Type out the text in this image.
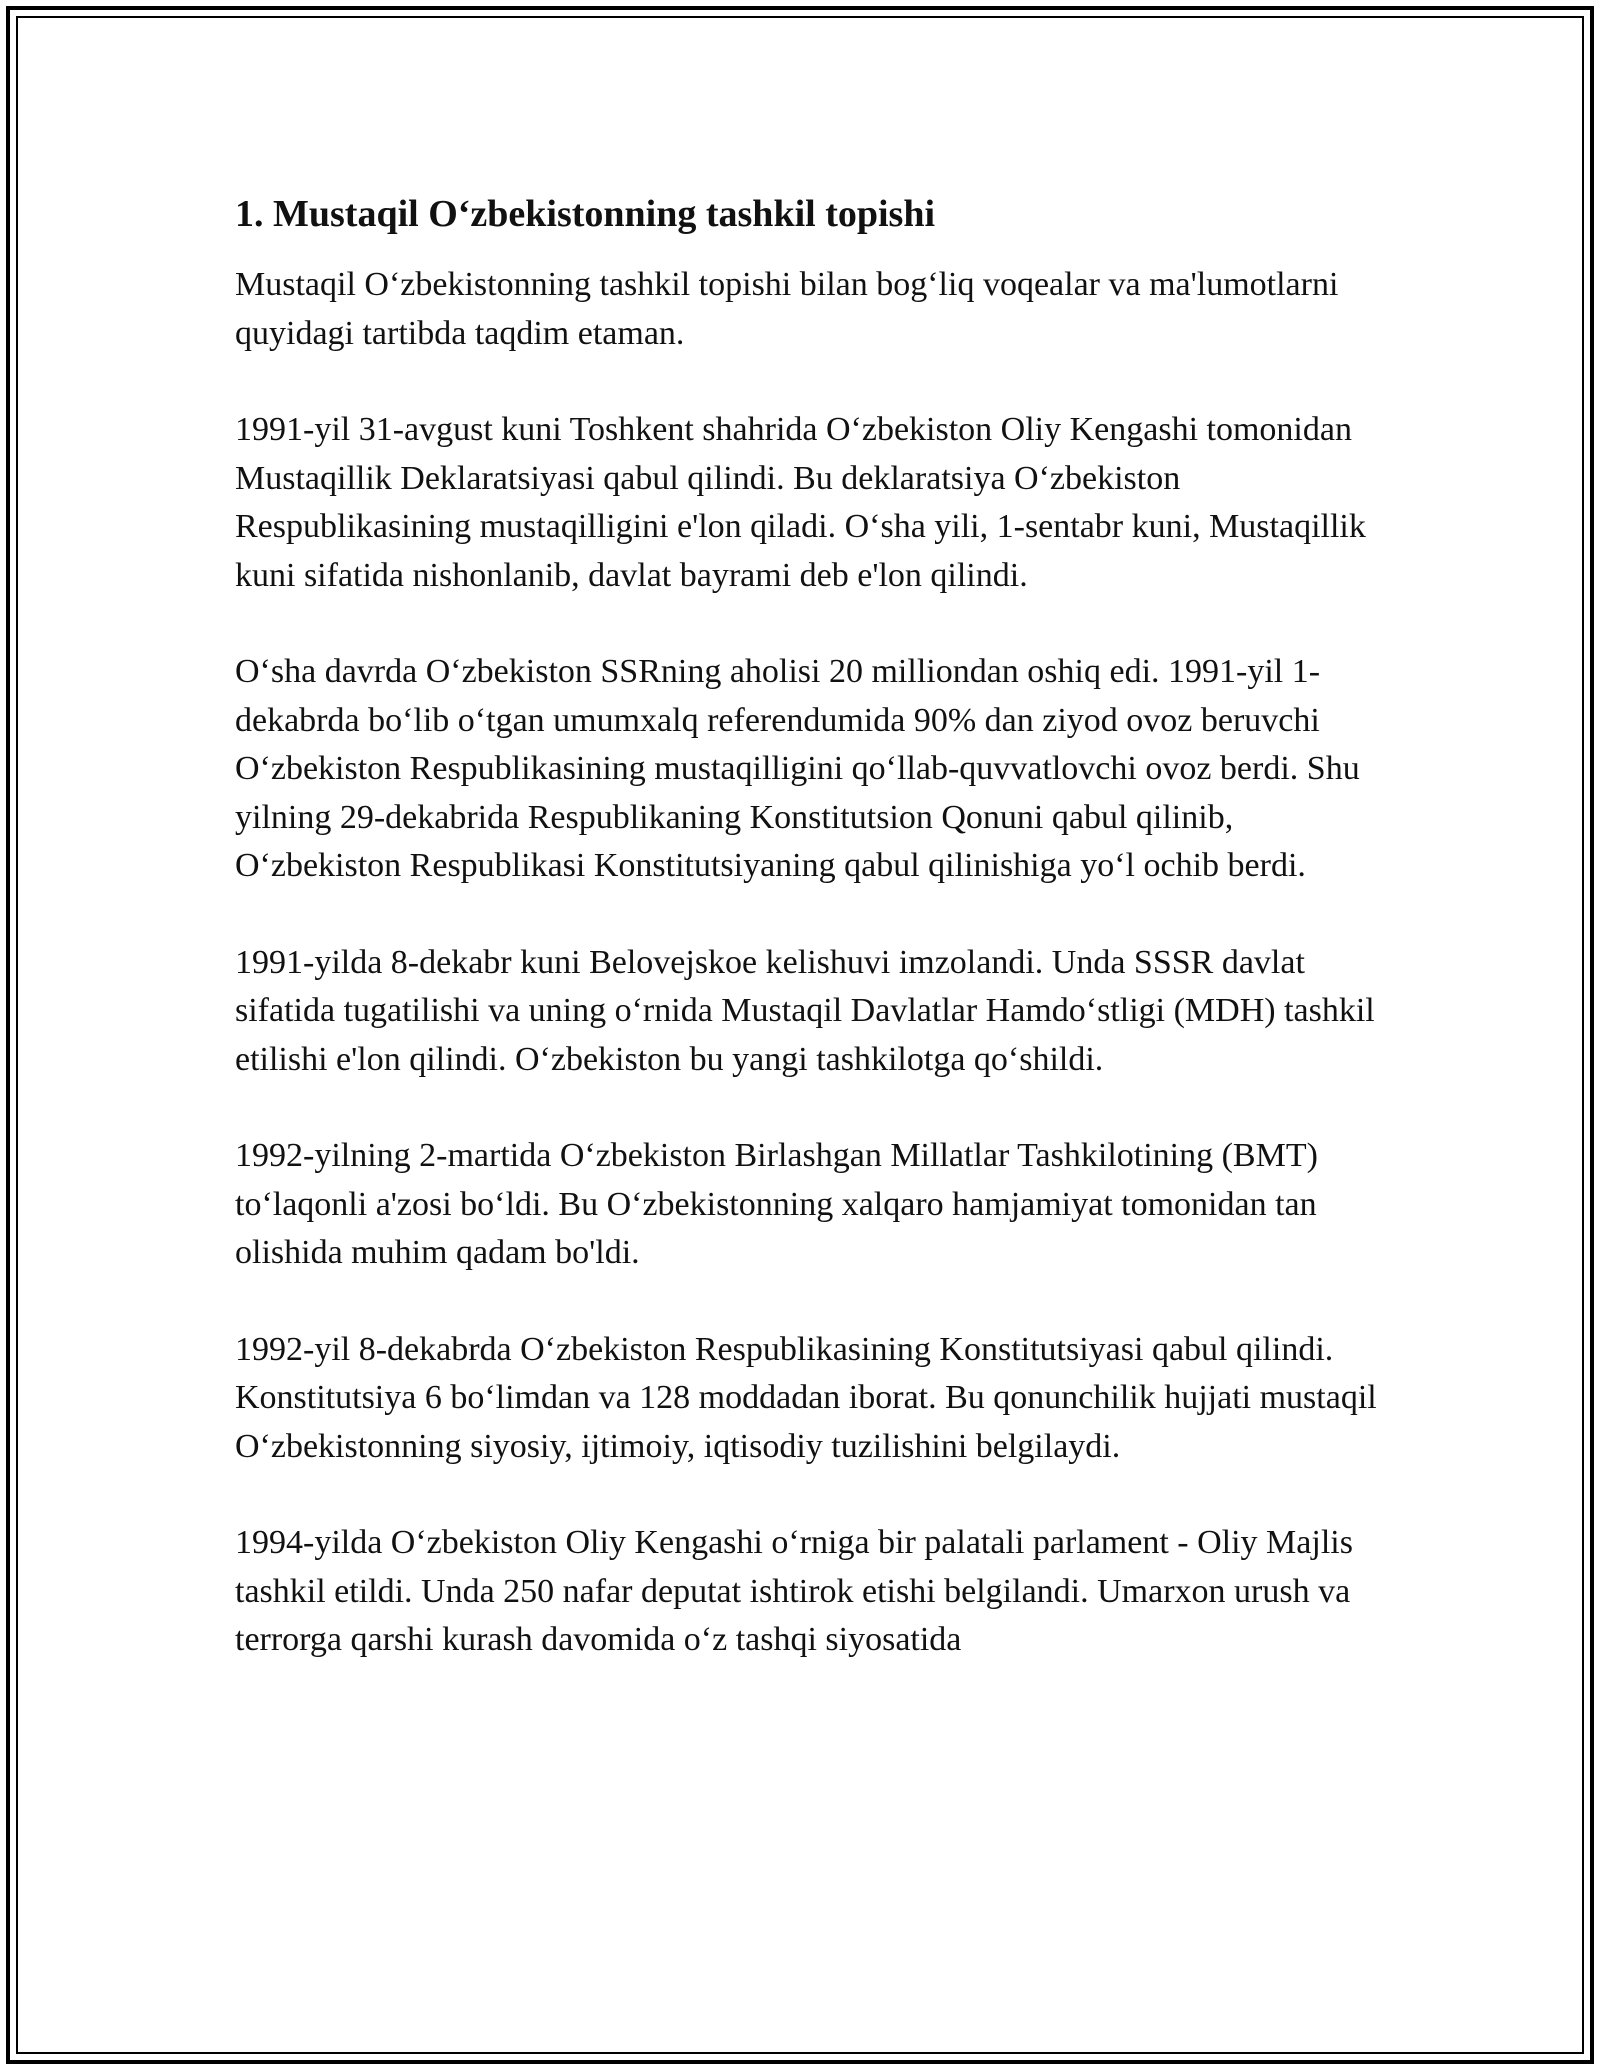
1. Mustaqil O‘zbekistonning tashkil topishi

Mustaqil O‘zbekistonning tashkil topishi bilan bog‘liq voqealar va ma'lumotlarni quyidagi tartibda taqdim etaman.

1991-yil 31-avgust kuni Toshkent shahrida O‘zbekiston Oliy Kengashi tomonidan Mustaqillik Deklaratsiyasi qabul qilindi. Bu deklaratsiya O‘zbekiston Respublikasining mustaqilligini e'lon qiladi. O‘sha yili, 1-sentabr kuni, Mustaqillik kuni sifatida nishonlanib, davlat bayrami deb e'lon qilindi.

O‘sha davrda O‘zbekiston SSRning aholisi 20 milliondan oshiq edi. 1991-yil 1-dekabrda bo‘lib o‘tgan umumxalq referendumida 90% dan ziyod ovoz beruvchi O‘zbekiston Respublikasining mustaqilligini qo‘llab-quvvatlovchi ovoz berdi. Shu yilning 29-dekabrida Respublikaning Konstitutsion Qonuni qabul qilinib, O‘zbekiston Respublikasi Konstitutsiyaning qabul qilinishiga yo‘l ochib berdi.

1991-yilda 8-dekabr kuni Belovejskoe kelishuvi imzolandi. Unda SSSR davlat sifatida tugatilishi va uning o‘rnida Mustaqil Davlatlar Hamdo‘stligi (MDH) tashkil etilishi e'lon qilindi. O‘zbekiston bu yangi tashkilotga qo‘shildi.

1992-yilning 2-martida O‘zbekiston Birlashgan Millatlar Tashkilotining (BMT) to‘laqonli a'zosi bo‘ldi. Bu O‘zbekistonning xalqaro hamjamiyat tomonidan tan olishida muhim qadam bo'ldi.

1992-yil 8-dekabrda O‘zbekiston Respublikasining Konstitutsiyasi qabul qilindi. Konstitutsiya 6 bo‘limdan va 128 moddadan iborat. Bu qonunchilik hujjati mustaqil O‘zbekistonning siyosiy, ijtimoiy, iqtisodiy tuzilishini belgilaydi.

1994-yilda O‘zbekiston Oliy Kengashi o‘rniga bir palatali parlament - Oliy Majlis tashkil etildi. Unda 250 nafar deputat ishtirok etishi belgilandi. Umarxon urush va terrorga qarshi kurash davomida o‘z tashqi siyosatida
